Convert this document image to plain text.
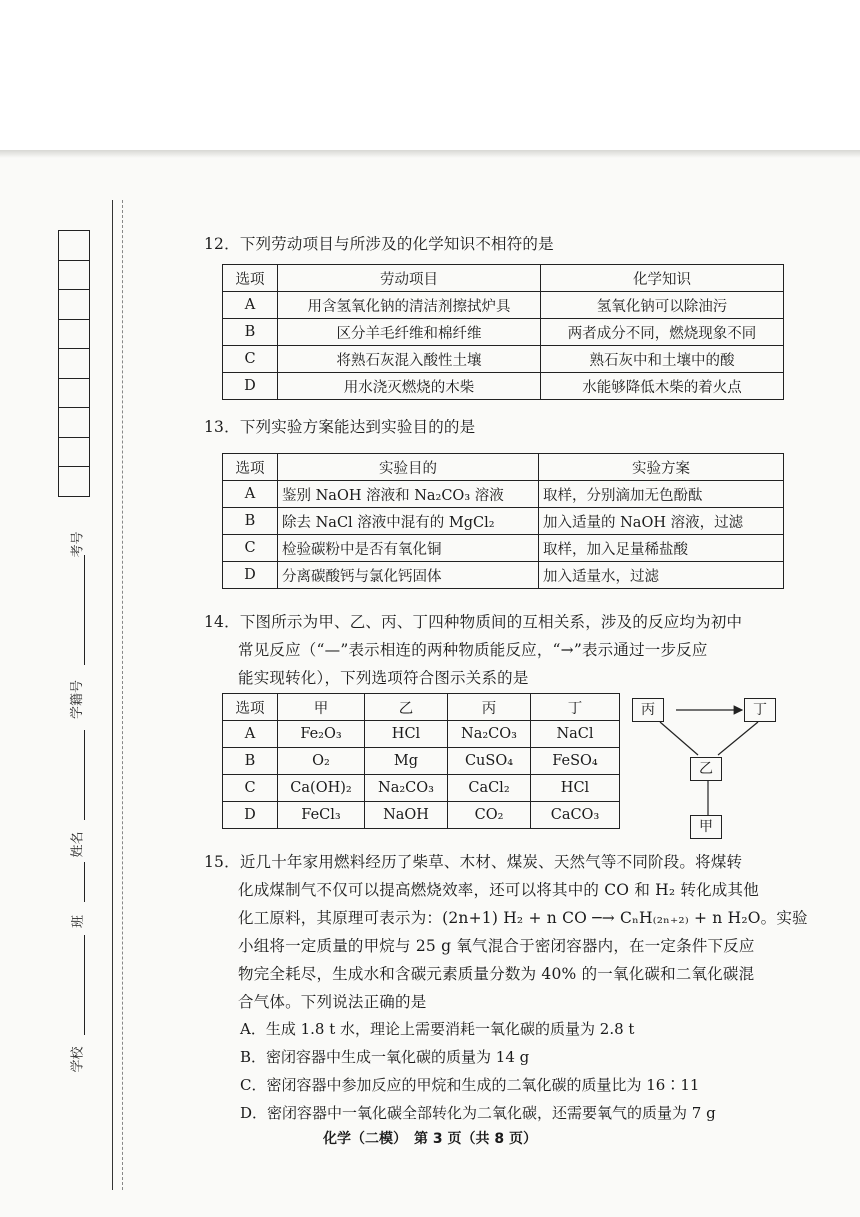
考号
学籍号
姓名
班
学校
12．下列劳动项目与所涉及的化学知识不相符的是
选项	劳动项目	化学知识
A	用含氢氧化钠的清洁剂擦拭炉具	氢氧化钠可以除油污
B	区分羊毛纤维和棉纤维	两者成分不同，燃烧现象不同
C	将熟石灰混入酸性土壤	熟石灰中和土壤中的酸
D	用水浇灭燃烧的木柴	水能够降低木柴的着火点
13．下列实验方案能达到实验目的的是
选项	实验目的	实验方案
A	鉴别 NaOH 溶液和 Na₂CO₃ 溶液	取样，分别滴加无色酚酞
B	除去 NaCl 溶液中混有的 MgCl₂	加入适量的 NaOH 溶液，过滤
C	检验碳粉中是否有氧化铜	取样，加入足量稀盐酸
D	分离碳酸钙与氯化钙固体	加入适量水，过滤
14．下图所示为甲、乙、丙、丁四种物质间的互相关系，涉及的反应均为初中
常见反应（“—”表示相连的两种物质能反应，“→”表示通过一步反应
能实现转化），下列选项符合图示关系的是
选项	甲	乙	丙	丁
A	Fe₂O₃	HCl	Na₂CO₃	NaCl
B	O₂	Mg	CuSO₄	FeSO₄
C	Ca(OH)₂	Na₂CO₃	CaCl₂	HCl
D	FeCl₃	NaOH	CO₂	CaCO₃
丙	丁
乙
甲
15．近几十年家用燃料经历了柴草、木材、煤炭、天然气等不同阶段。将煤转
化成煤制气不仅可以提高燃烧效率，还可以将其中的 CO 和 H₂ 转化成其他
化工原料，其原理可表示为：(2n+1) H₂ + n CO ─→ CₙH₍₂ₙ₊₂₎ + n H₂O。实验
小组将一定质量的甲烷与 25 g 氧气混合于密闭容器内，在一定条件下反应
物完全耗尽，生成水和含碳元素质量分数为 40% 的一氧化碳和二氧化碳混
合气体。下列说法正确的是
A．生成 1.8 t 水，理论上需要消耗一氧化碳的质量为 2.8 t
B．密闭容器中生成一氧化碳的质量为 14 g
C．密闭容器中参加反应的甲烷和生成的二氧化碳的质量比为 16∶11
D．密闭容器中一氧化碳全部转化为二氧化碳，还需要氧气的质量为 7 g
化学（二模）　第 3 页（共 8 页）
